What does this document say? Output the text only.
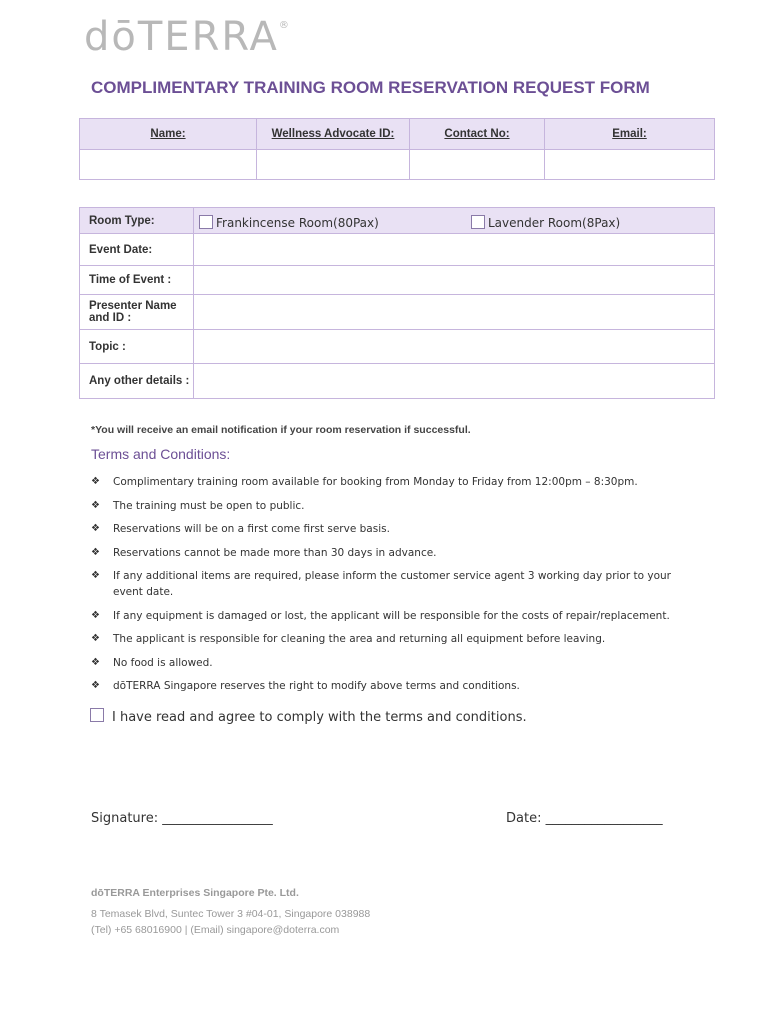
dōTERRA®
COMPLIMENTARY TRAINING ROOM RESERVATION REQUEST FORM
Name:	Wellness Advocate ID:	Contact No:	Email:

Room Type:	Frankincense Room(80Pax) Lavender Room(8Pax)

Event Date:	
Time of Event :	
Presenter Name and ID :	
Topic :	
Any other details :	
*You will receive an email notification if your room reservation if successful.
Terms and Conditions:
❖ Complimentary training room available for booking from Monday to Friday from 12:00pm – 8:30pm.
❖ The training must be open to public.
❖ Reservations will be on a first come first serve basis.
❖ Reservations cannot be made more than 30 days in advance.
❖ If any additional items are required, please inform the customer service agent 3 working day prior to your event date.
❖ If any equipment is damaged or lost, the applicant will be responsible for the costs of repair/replacement.
❖ The applicant is responsible for cleaning the area and returning all equipment before leaving.
❖ No food is allowed.
❖ dōTERRA Singapore reserves the right to modify above terms and conditions.
I have read and agree to comply with the terms and conditions.
Signature: _________________	Date: __________________
dōTERRA Enterprises Singapore Pte. Ltd.
8 Temasek Blvd, Suntec Tower 3 #04-01, Singapore 038988
(Tel) +65 68016900 | (Email) singapore@doterra.com
